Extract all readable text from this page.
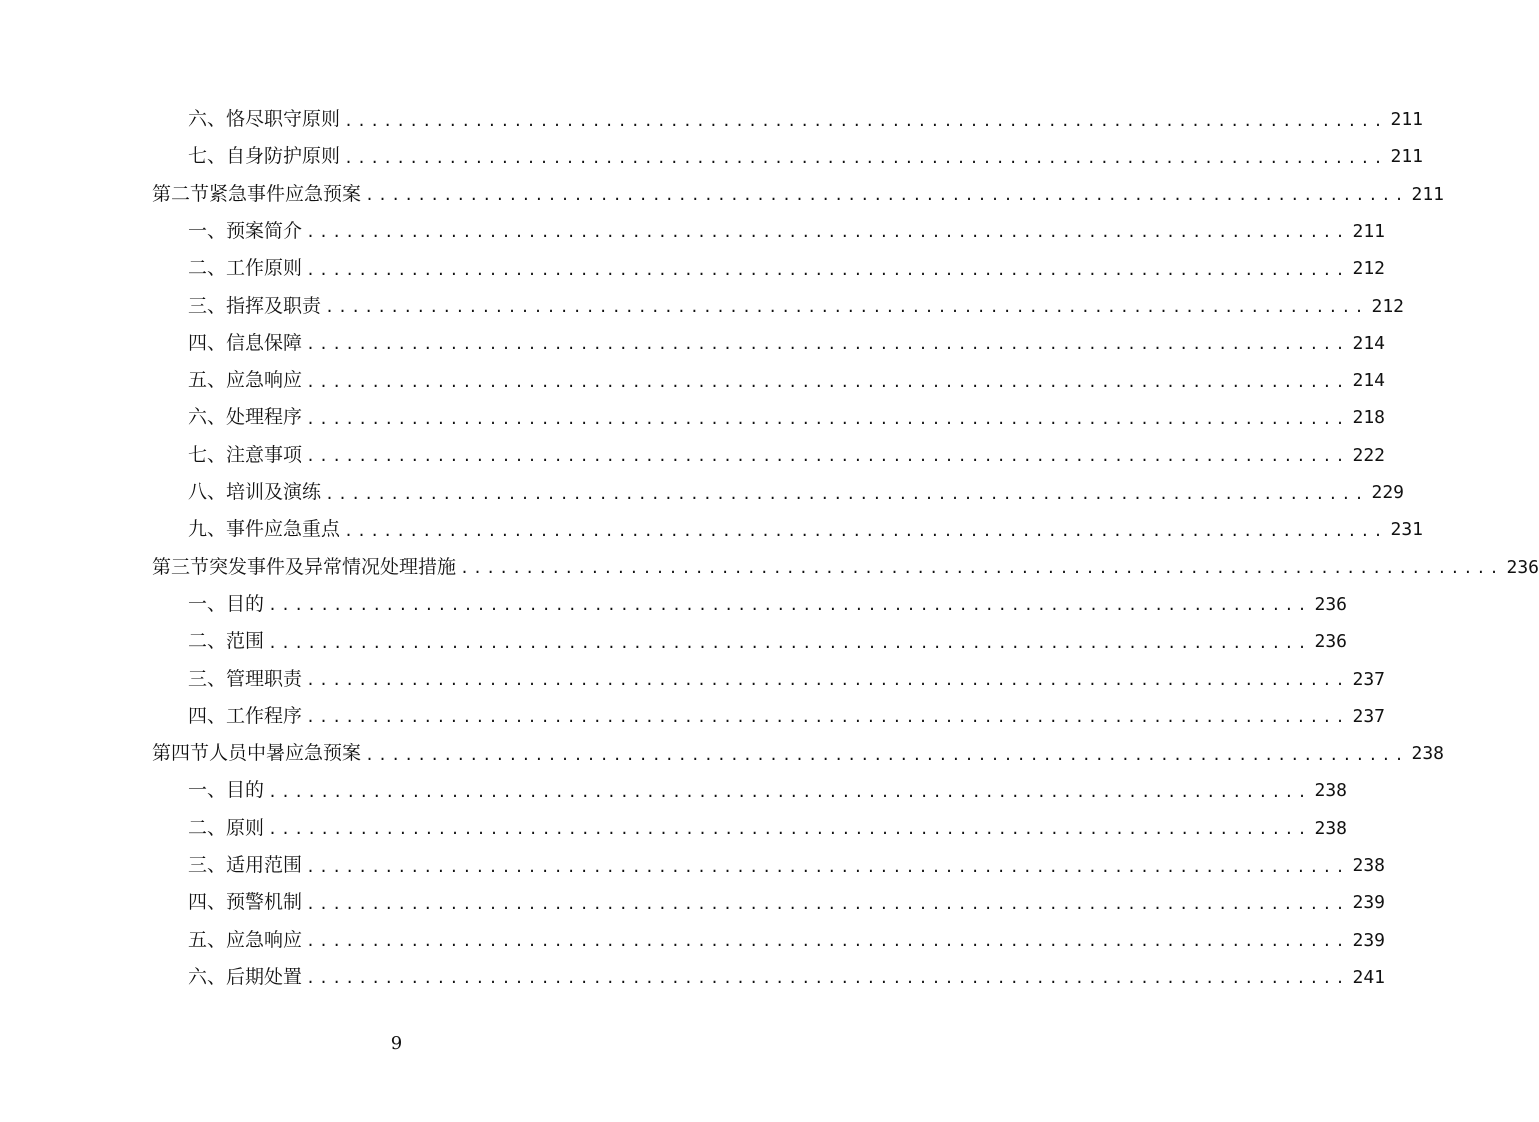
六、 恪尽职守原则 ................................................................................ 211
七、 自身防护原则 ................................................................................ 211
第二节 紧急事件应急预案 ................................................................................ 211
一、 预案简介 ................................................................................ 211
二、 工作原则 ................................................................................ 212
三、 指挥及职责 ................................................................................ 212
四、 信息保障 ................................................................................ 214
五、 应急响应 ................................................................................ 214
六、 处理程序 ................................................................................ 218
七、 注意事项 ................................................................................ 222
八、 培训及演练 ................................................................................ 229
九、 事件应急重点 ................................................................................ 231
第三节 突发事件及异常情况处理措施 ................................................................................ 236
一、 目的 ................................................................................ 236
二、 范围 ................................................................................ 236
三、 管理职责 ................................................................................ 237
四、 工作程序 ................................................................................ 237
第四节 人员中暑应急预案 ................................................................................ 238
一、 目的 ................................................................................ 238
二、 原则 ................................................................................ 238
三、 适用范围 ................................................................................ 238
四、 预警机制 ................................................................................ 239
五、 应急响应 ................................................................................ 239
六、 后期处置 ................................................................................ 241
9
